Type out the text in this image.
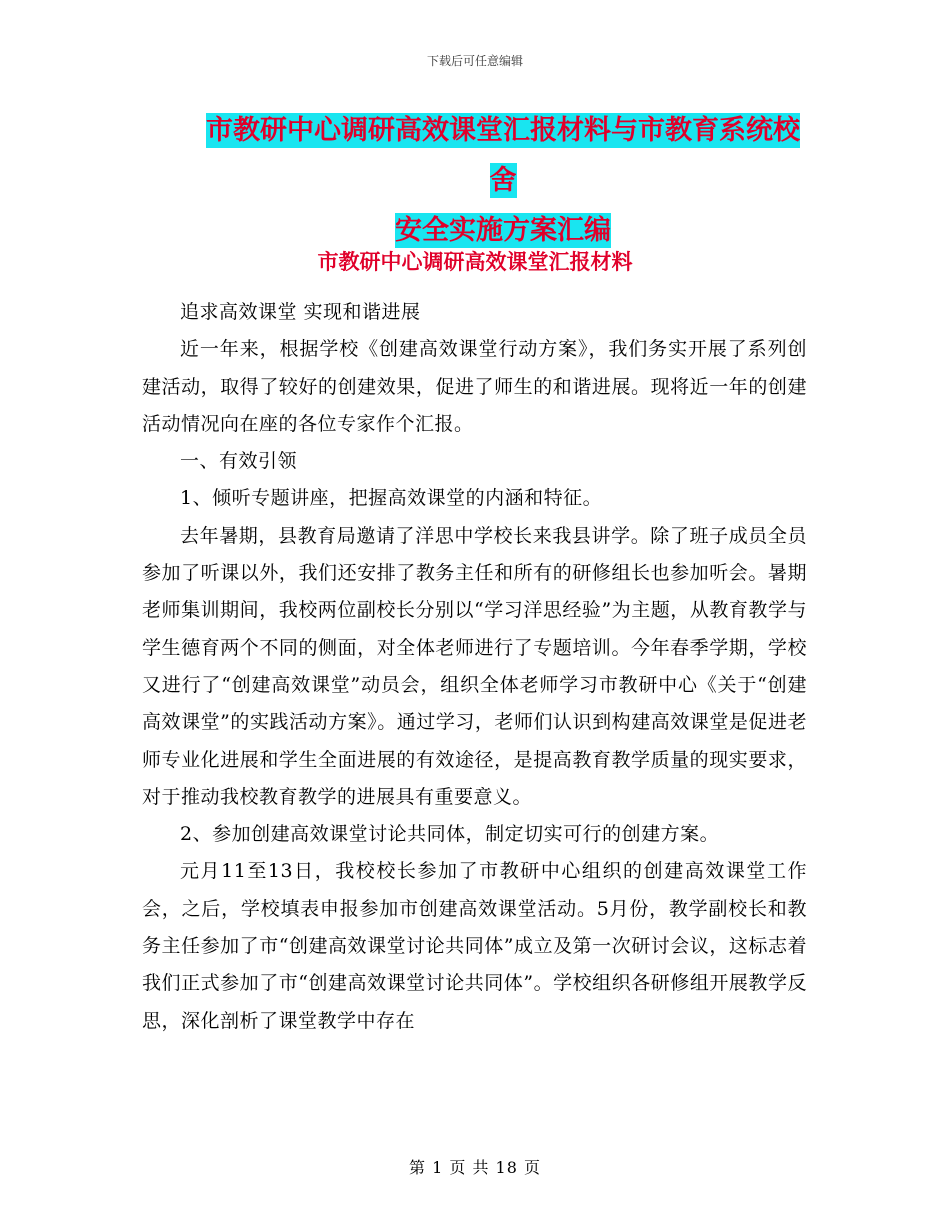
下载后可任意编辑
市教研中心调研高效课堂汇报材料与市教育系统校舍
安全实施方案汇编
市教研中心调研高效课堂汇报材料

追求高效课堂 实现和谐进展

近一年来，根据学校《创建高效课堂行动方案》，我们务实开展了系列创建活动，取得了较好的创建效果，促进了师生的和谐进展。现将近一年的创建活动情况向在座的各位专家作个汇报。

一、有效引领

1、倾听专题讲座，把握高效课堂的内涵和特征。

去年暑期，县教育局邀请了洋思中学校长来我县讲学。除了班子成员全员参加了听课以外，我们还安排了教务主任和所有的研修组长也参加听会。暑期老师集训期间，我校两位副校长分别以“学习洋思经验”为主题，从教育教学与学生德育两个不同的侧面，对全体老师进行了专题培训。今年春季学期，学校又进行了“创建高效课堂”动员会，组织全体老师学习市教研中心《关于“创建高效课堂”的实践活动方案》。通过学习，老师们认识到构建高效课堂是促进老师专业化进展和学生全面进展的有效途径，是提高教育教学质量的现实要求，对于推动我校教育教学的进展具有重要意义。

2、参加创建高效课堂讨论共同体，制定切实可行的创建方案。

元月11至13日，我校校长参加了市教研中心组织的创建高效课堂工作会，之后，学校填表申报参加市创建高效课堂活动。5月份，教学副校长和教务主任参加了市“创建高效课堂讨论共同体”成立及第一次研讨会议，这标志着我们正式参加了市“创建高效课堂讨论共同体”。学校组织各研修组开展教学反思，深化剖析了课堂教学中存在

第 1 页 共 18 页
